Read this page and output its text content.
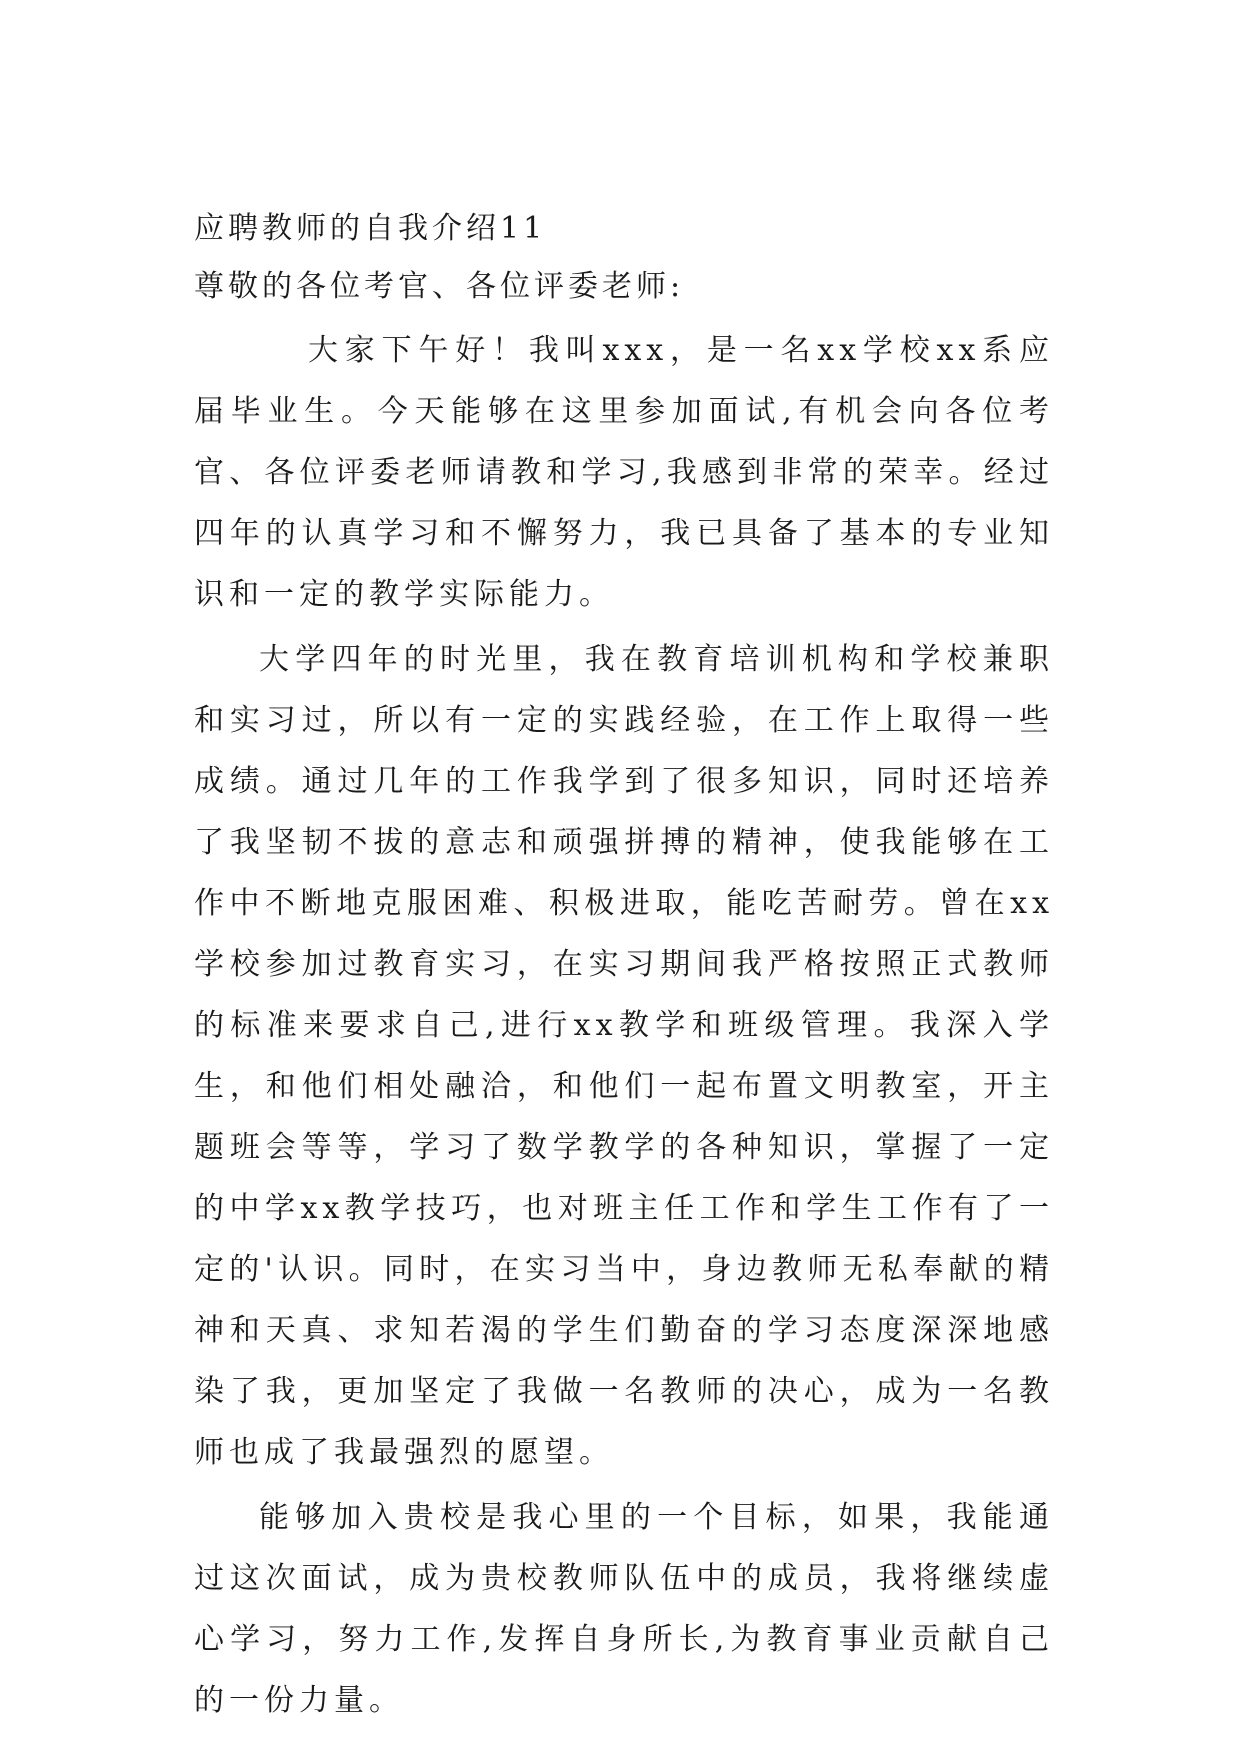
应聘教师的自我介绍11

尊敬的各位考官、各位评委老师:

大家下午好！我叫xxx，是一名xx学校xx系应届毕业生。今天能够在这里参加面试,有机会向各位考官、各位评委老师请教和学习,我感到非常的荣幸。经过四年的认真学习和不懈努力，我已具备了基本的专业知识和一定的教学实际能力。

大学四年的时光里，我在教育培训机构和学校兼职和实习过，所以有一定的实践经验，在工作上取得一些成绩。通过几年的工作我学到了很多知识，同时还培养了我坚韧不拔的意志和顽强拼搏的精神，使我能够在工作中不断地克服困难、积极进取，能吃苦耐劳。曾在xx学校参加过教育实习，在实习期间我严格按照正式教师的标准来要求自己,进行xx教学和班级管理。我深入学生，和他们相处融洽，和他们一起布置文明教室，开主题班会等等，学习了数学教学的各种知识，掌握了一定的中学xx教学技巧，也对班主任工作和学生工作有了一定的'认识。同时，在实习当中，身边教师无私奉献的精神和天真、求知若渴的学生们勤奋的学习态度深深地感染了我，更加坚定了我做一名教师的决心，成为一名教师也成了我最强烈的愿望。

能够加入贵校是我心里的一个目标，如果，我能通过这次面试，成为贵校教师队伍中的成员，我将继续虚心学习，努力工作,发挥自身所长,为教育事业贡献自己的一份力量。
